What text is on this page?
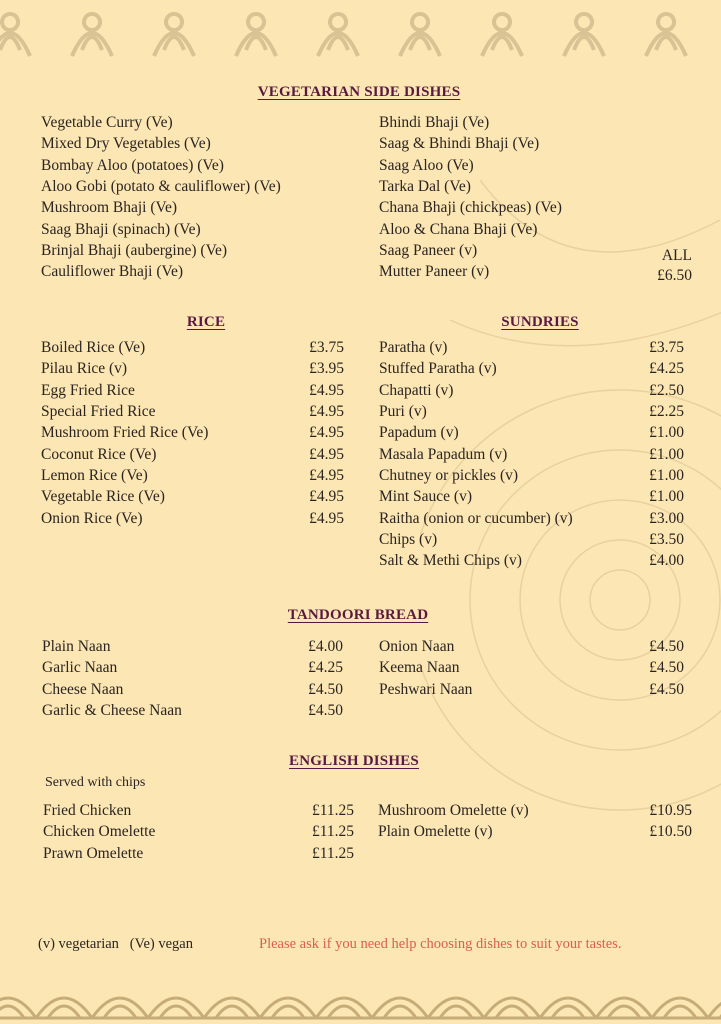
VEGETARIAN SIDE DISHES
Vegetable Curry (Ve)
Mixed Dry Vegetables (Ve)
Bombay Aloo (potatoes) (Ve)
Aloo Gobi (potato & cauliflower) (Ve)
Mushroom Bhaji (Ve)
Saag Bhaji (spinach) (Ve)
Brinjal Bhaji (aubergine) (Ve)
Cauliflower Bhaji (Ve)
Bhindi Bhaji (Ve)
Saag & Bhindi Bhaji (Ve)
Saag Aloo (Ve)
Tarka Dal (Ve)
Chana Bhaji (chickpeas) (Ve)
Aloo & Chana Bhaji (Ve)
Saag Paneer (v)
Mutter Paneer (v)
ALL
£6.50
RICE
Boiled Rice (Ve)	£3.75
Pilau Rice (v)	£3.95
Egg Fried Rice	£4.95
Special Fried Rice	£4.95
Mushroom Fried Rice (Ve)	£4.95
Coconut Rice (Ve)	£4.95
Lemon Rice (Ve)	£4.95
Vegetable Rice (Ve)	£4.95
Onion Rice (Ve)	£4.95
SUNDRIES
Paratha (v)	£3.75
Stuffed Paratha (v)	£4.25
Chapatti (v)	£2.50
Puri (v)	£2.25
Papadum (v)	£1.00
Masala Papadum (v)	£1.00
Chutney or pickles (v)	£1.00
Mint Sauce (v)	£1.00
Raitha (onion or cucumber) (v)	£3.00
Chips (v)	£3.50
Salt & Methi Chips (v)	£4.00
TANDOORI BREAD
Plain Naan	£4.00
Garlic Naan	£4.25
Cheese Naan	£4.50
Garlic & Cheese Naan	£4.50
Onion Naan	£4.50
Keema Naan	£4.50
Peshwari Naan	£4.50
ENGLISH DISHES
Served with chips
Fried Chicken	£11.25
Chicken Omelette	£11.25
Prawn Omelette	£11.25
Mushroom Omelette (v)	£10.95
Plain Omelette (v)	£10.50
(v) vegetarian   (Ve) vegan	Please ask if you need help choosing dishes to suit your tastes.
